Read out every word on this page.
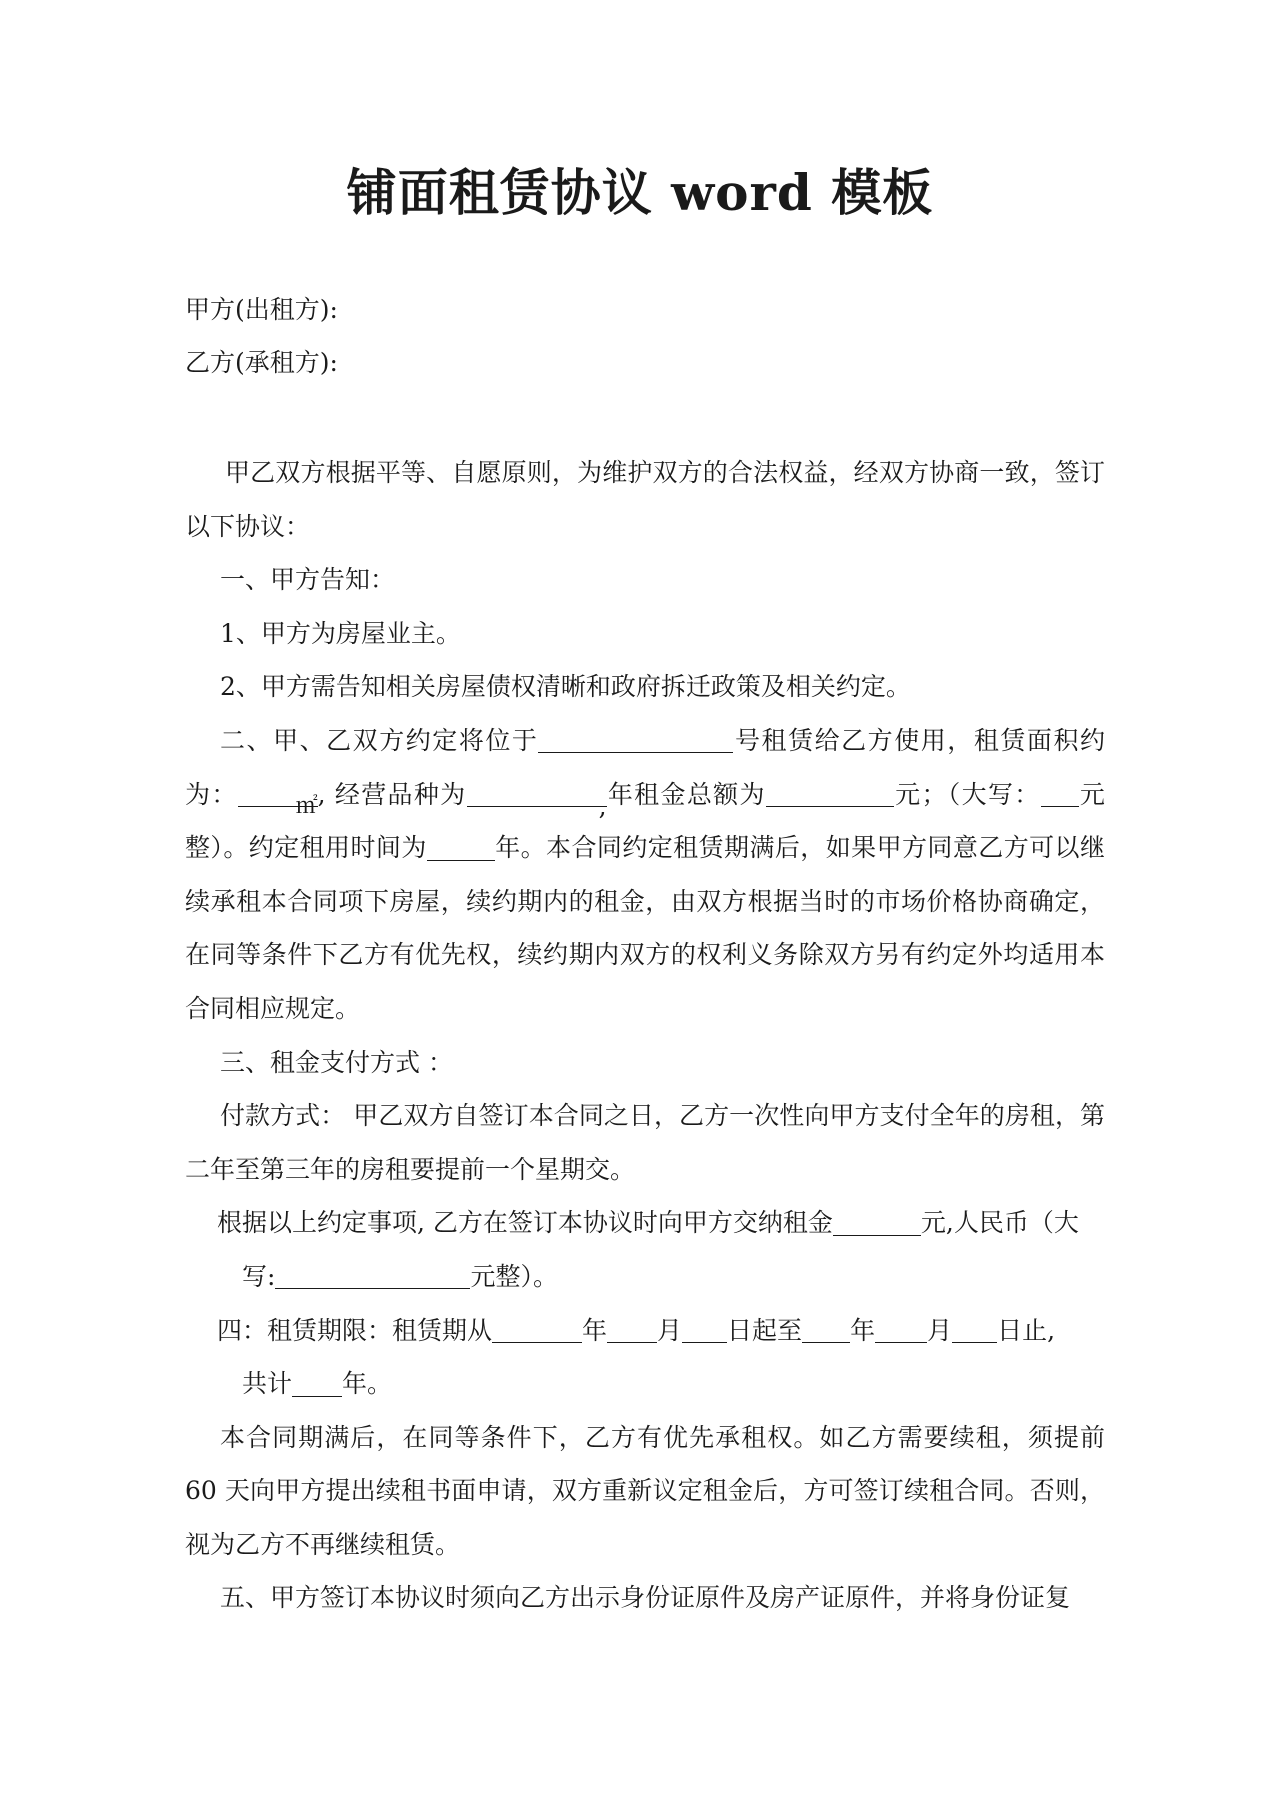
铺面租赁协议 word 模板
甲方(出租方):
乙方(承租方):

甲乙双方根据平等、自愿原则，为维护双方的合法权益，经双方协商一致，签订以下协议：

一、甲方告知：

1、甲方为房屋业主。

2、甲方需告知相关房屋债权清晰和政府拆迁政策及相关约定。

二、甲、乙双方约定将位于	号租赁给乙方使用，租赁面积约为：	㎡ , 经营品种为	, 年租金总额为	元；（大写： 元整）。约定租用时间为	年。本合同约定租赁期满后，如果甲方同意乙方可以继续承租本合同项下房屋，续约期内的租金，由双方根据当时的市场价格协商确定，在同等条件下乙方有优先权，续约期内双方的权利义务除双方另有约定外均适用本合同相应规定。

三、租金支付方式 ：

付款方式： 甲乙双方自签订本合同之日，乙方一次性向甲方支付全年的房租，第二年至第三年的房租要提前一个星期交。

根据以上约定事项, 乙方在签订本协议时向甲方交纳租金	元,人民币（大
写:	元整）。

四：租赁期限：租赁期从	年 月 日起至 年 月 日止,
共计 年。

本合同期满后，在同等条件下，乙方有优先承租权。如乙方需要续租，须提前 60 天向甲方提出续租书面申请，双方重新议定租金后，方可签订续租合同。否则，视为乙方不再继续租赁。

五、甲方签订本协议时须向乙方出示身份证原件及房产证原件，并将身份证复
